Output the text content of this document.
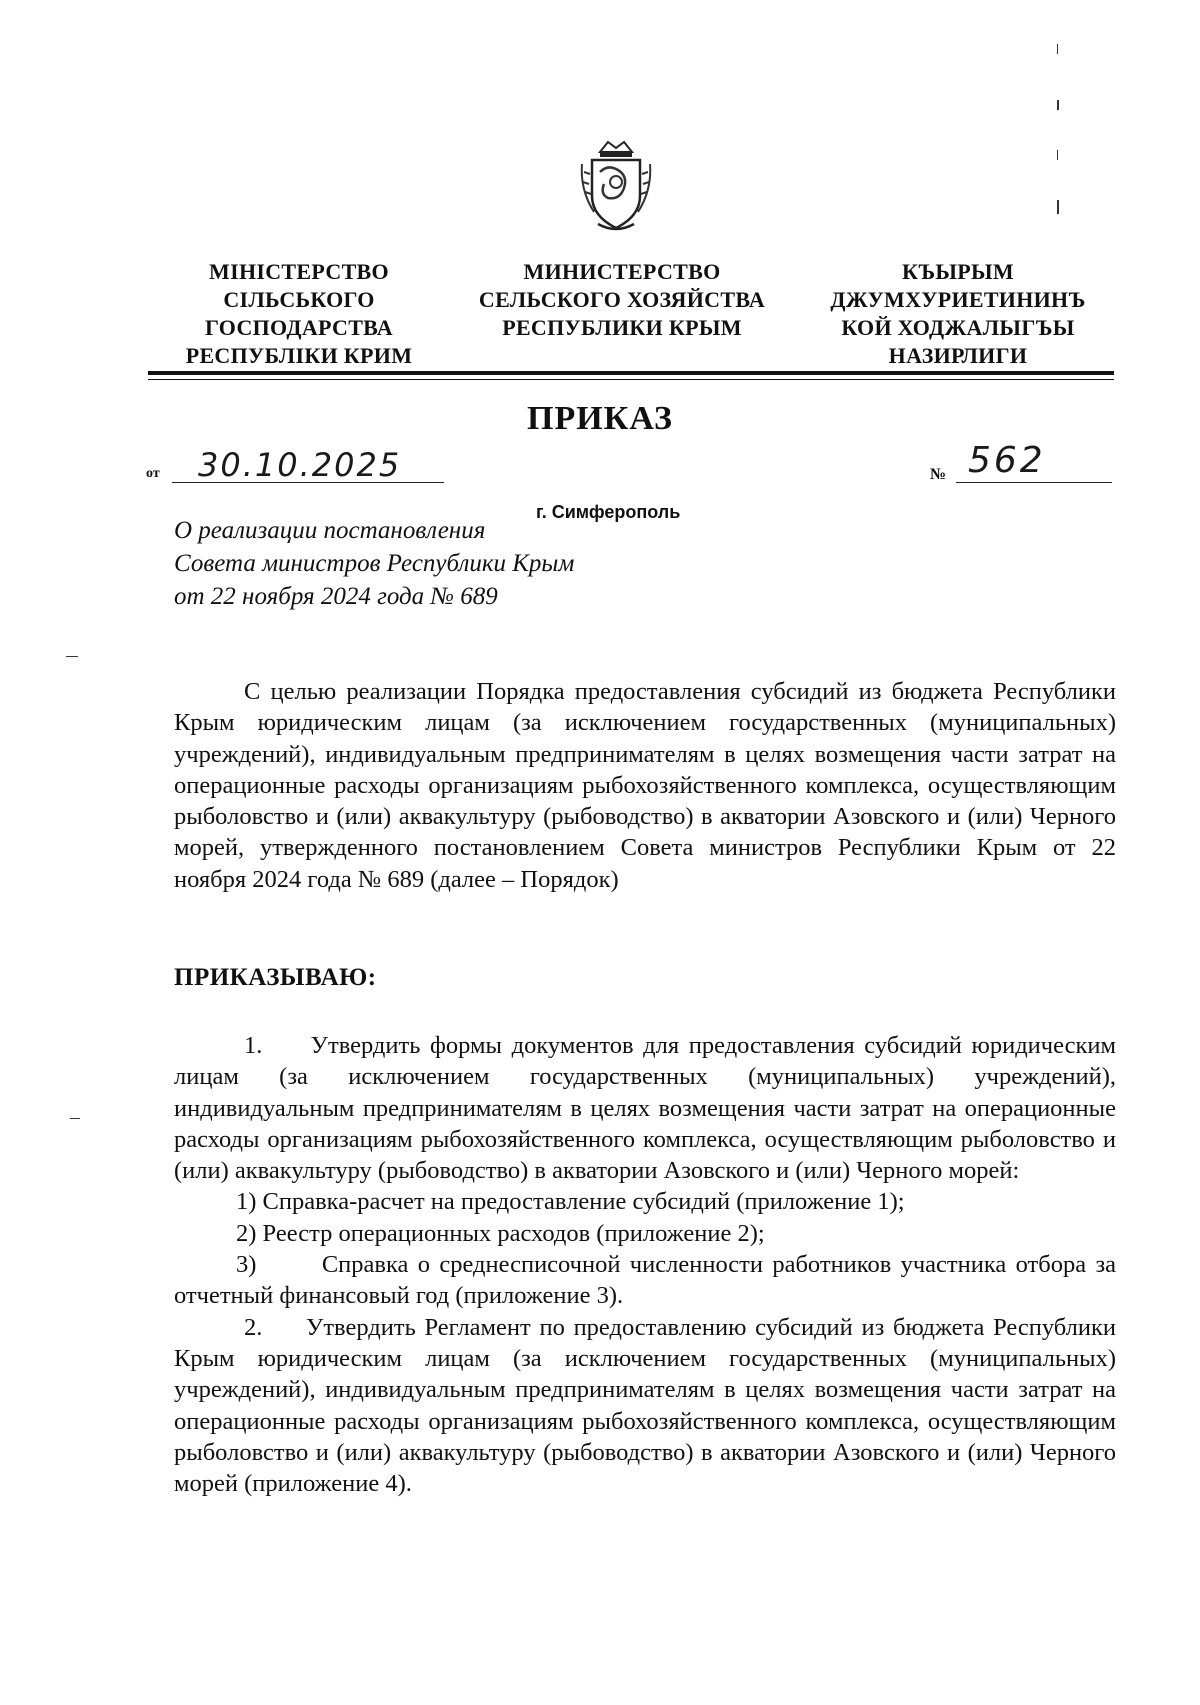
МІНІСТЕРСТВО
СІЛЬСЬКОГО
ГОСПОДАРСТВА
РЕСПУБЛІКИ КРИМ
МИНИСТЕРСТВО
СЕЛЬСКОГО ХОЗЯЙСТВА
РЕСПУБЛИКИ КРЫМ
КЪЫРЫМ
ДЖУМХУРИЕТИНИНЪ
КОЙ ХОДЖАЛЫГЪЫ
НАЗИРЛИГИ
ПРИКАЗ
от 30.10.2025	№ 562
г. Симферополь
О реализации постановления
Совета министров Республики Крым
от 22 ноября 2024 года № 689

С целью реализации Порядка предоставления субсидий из бюджета Республики Крым юридическим лицам (за исключением государственных (муниципальных) учреждений), индивидуальным предпринимателям в целях возмещения части затрат на операционные расходы организациям рыбохозяйственного комплекса, осуществляющим рыболовство и (или) аквакультуру (рыбоводство) в акватории Азовского и (или) Черного морей, утвержденного постановлением Совета министров Республики Крым от 22 ноября 2024 года № 689 (далее – Порядок)

ПРИКАЗЫВАЮ:

1.     Утвердить формы документов для предоставления субсидий юридическим лицам (за исключением государственных (муниципальных) учреждений), индивидуальным предпринимателям в целях возмещения части затрат на операционные расходы организациям рыбохозяйственного комплекса, осуществляющим рыболовство и (или) аквакультуру (рыбоводство) в акватории Азовского и (или) Черного морей:

1) Справка-расчет на предоставление субсидий (приложение 1);
2) Реестр операционных расходов (приложение 2);

3)       Справка о среднесписочной численности работников участника отбора за отчетный финансовый год (приложение 3).

2.     Утвердить Регламент по предоставлению субсидий из бюджета Республики Крым юридическим лицам (за исключением государственных (муниципальных) учреждений), индивидуальным предпринимателям в целях возмещения части затрат на операционные расходы организациям рыбохозяйственного комплекса, осуществляющим рыболовство и (или) аквакультуру (рыбоводство) в акватории Азовского и (или) Черного морей (приложение 4).
